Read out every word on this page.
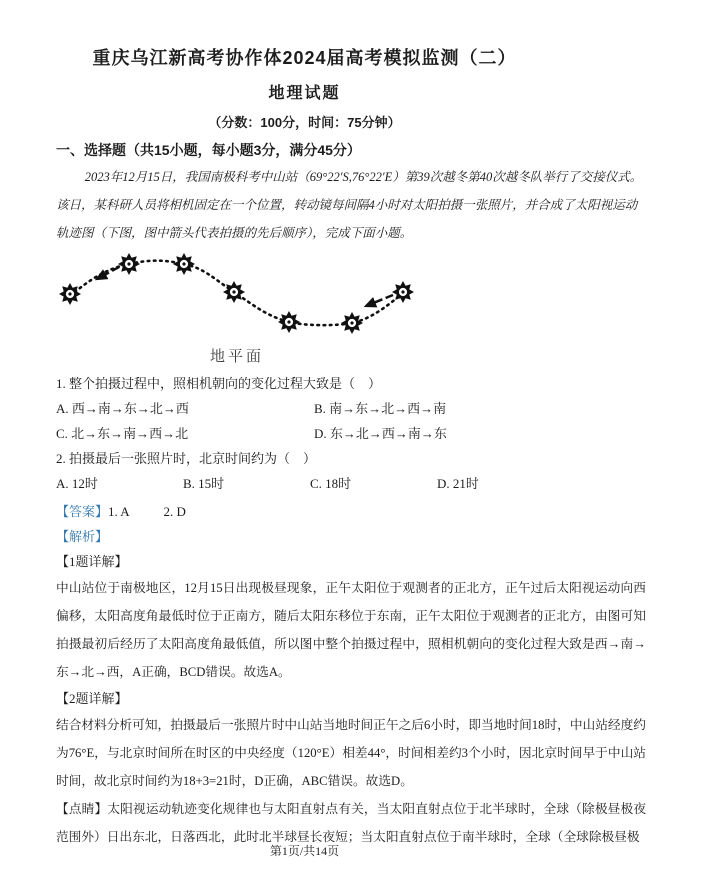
重庆乌江新高考协作体2024届高考模拟监测（二）
地理试题
（分数：100分，时间：75分钟）
一、选择题（共15小题，每小题3分，满分45分）

2023年12月15日，我国南极科考中山站（69°22′S,76°22′E）第39次越冬第40次越冬队举行了交接仪式。该日，某科研人员将相机固定在一个位置，转动镜每间隔4小时对太阳拍摄一张照片，并合成了太阳视运动轨迹图（下图，图中箭头代表拍摄的先后顺序），完成下面小题。

地平面

1. 整个拍摄过程中，照相机朝向的变化过程大致是（　）

A. 西→南→东→北→西	B. 南→东→北→西→南
C. 北→东→南→西→北	D. 东→北→西→南→东

2. 拍摄最后一张照片时，北京时间约为（　）

A. 12时	B. 15时	C. 18时	D. 21时
【答案】 1. A	2. D
【解析】
【1题详解】

中山站位于南极地区，12月15日出现极昼现象，正午太阳位于观测者的正北方，正午过后太阳视运动向西偏移，太阳高度角最低时位于正南方，随后太阳东移位于东南，正午太阳位于观测者的正北方，由图可知拍摄最初后经历了太阳高度角最低值，所以图中整个拍摄过程中，照相机朝向的变化过程大致是西→南→东→北→西，A正确，BCD错误。故选A。

【2题详解】

结合材料分析可知，拍摄最后一张照片时中山站当地时间正午之后6小时，即当地时间18时，中山站经度约为76°E，与北京时间所在时区的中央经度（120°E）相差44°，时间相差约3个小时，因北京时间早于中山站时间，故北京时间约为18+3=21时，D正确，ABC错误。故选D。

【点睛】太阳视运动轨迹变化规律也与太阳直射点有关，当太阳直射点位于北半球时，全球（除极昼极夜范围外）日出东北，日落西北，此时北半球昼长夜短；当太阳直射点位于南半球时，全球（全球除极昼极

第1页/共14页
